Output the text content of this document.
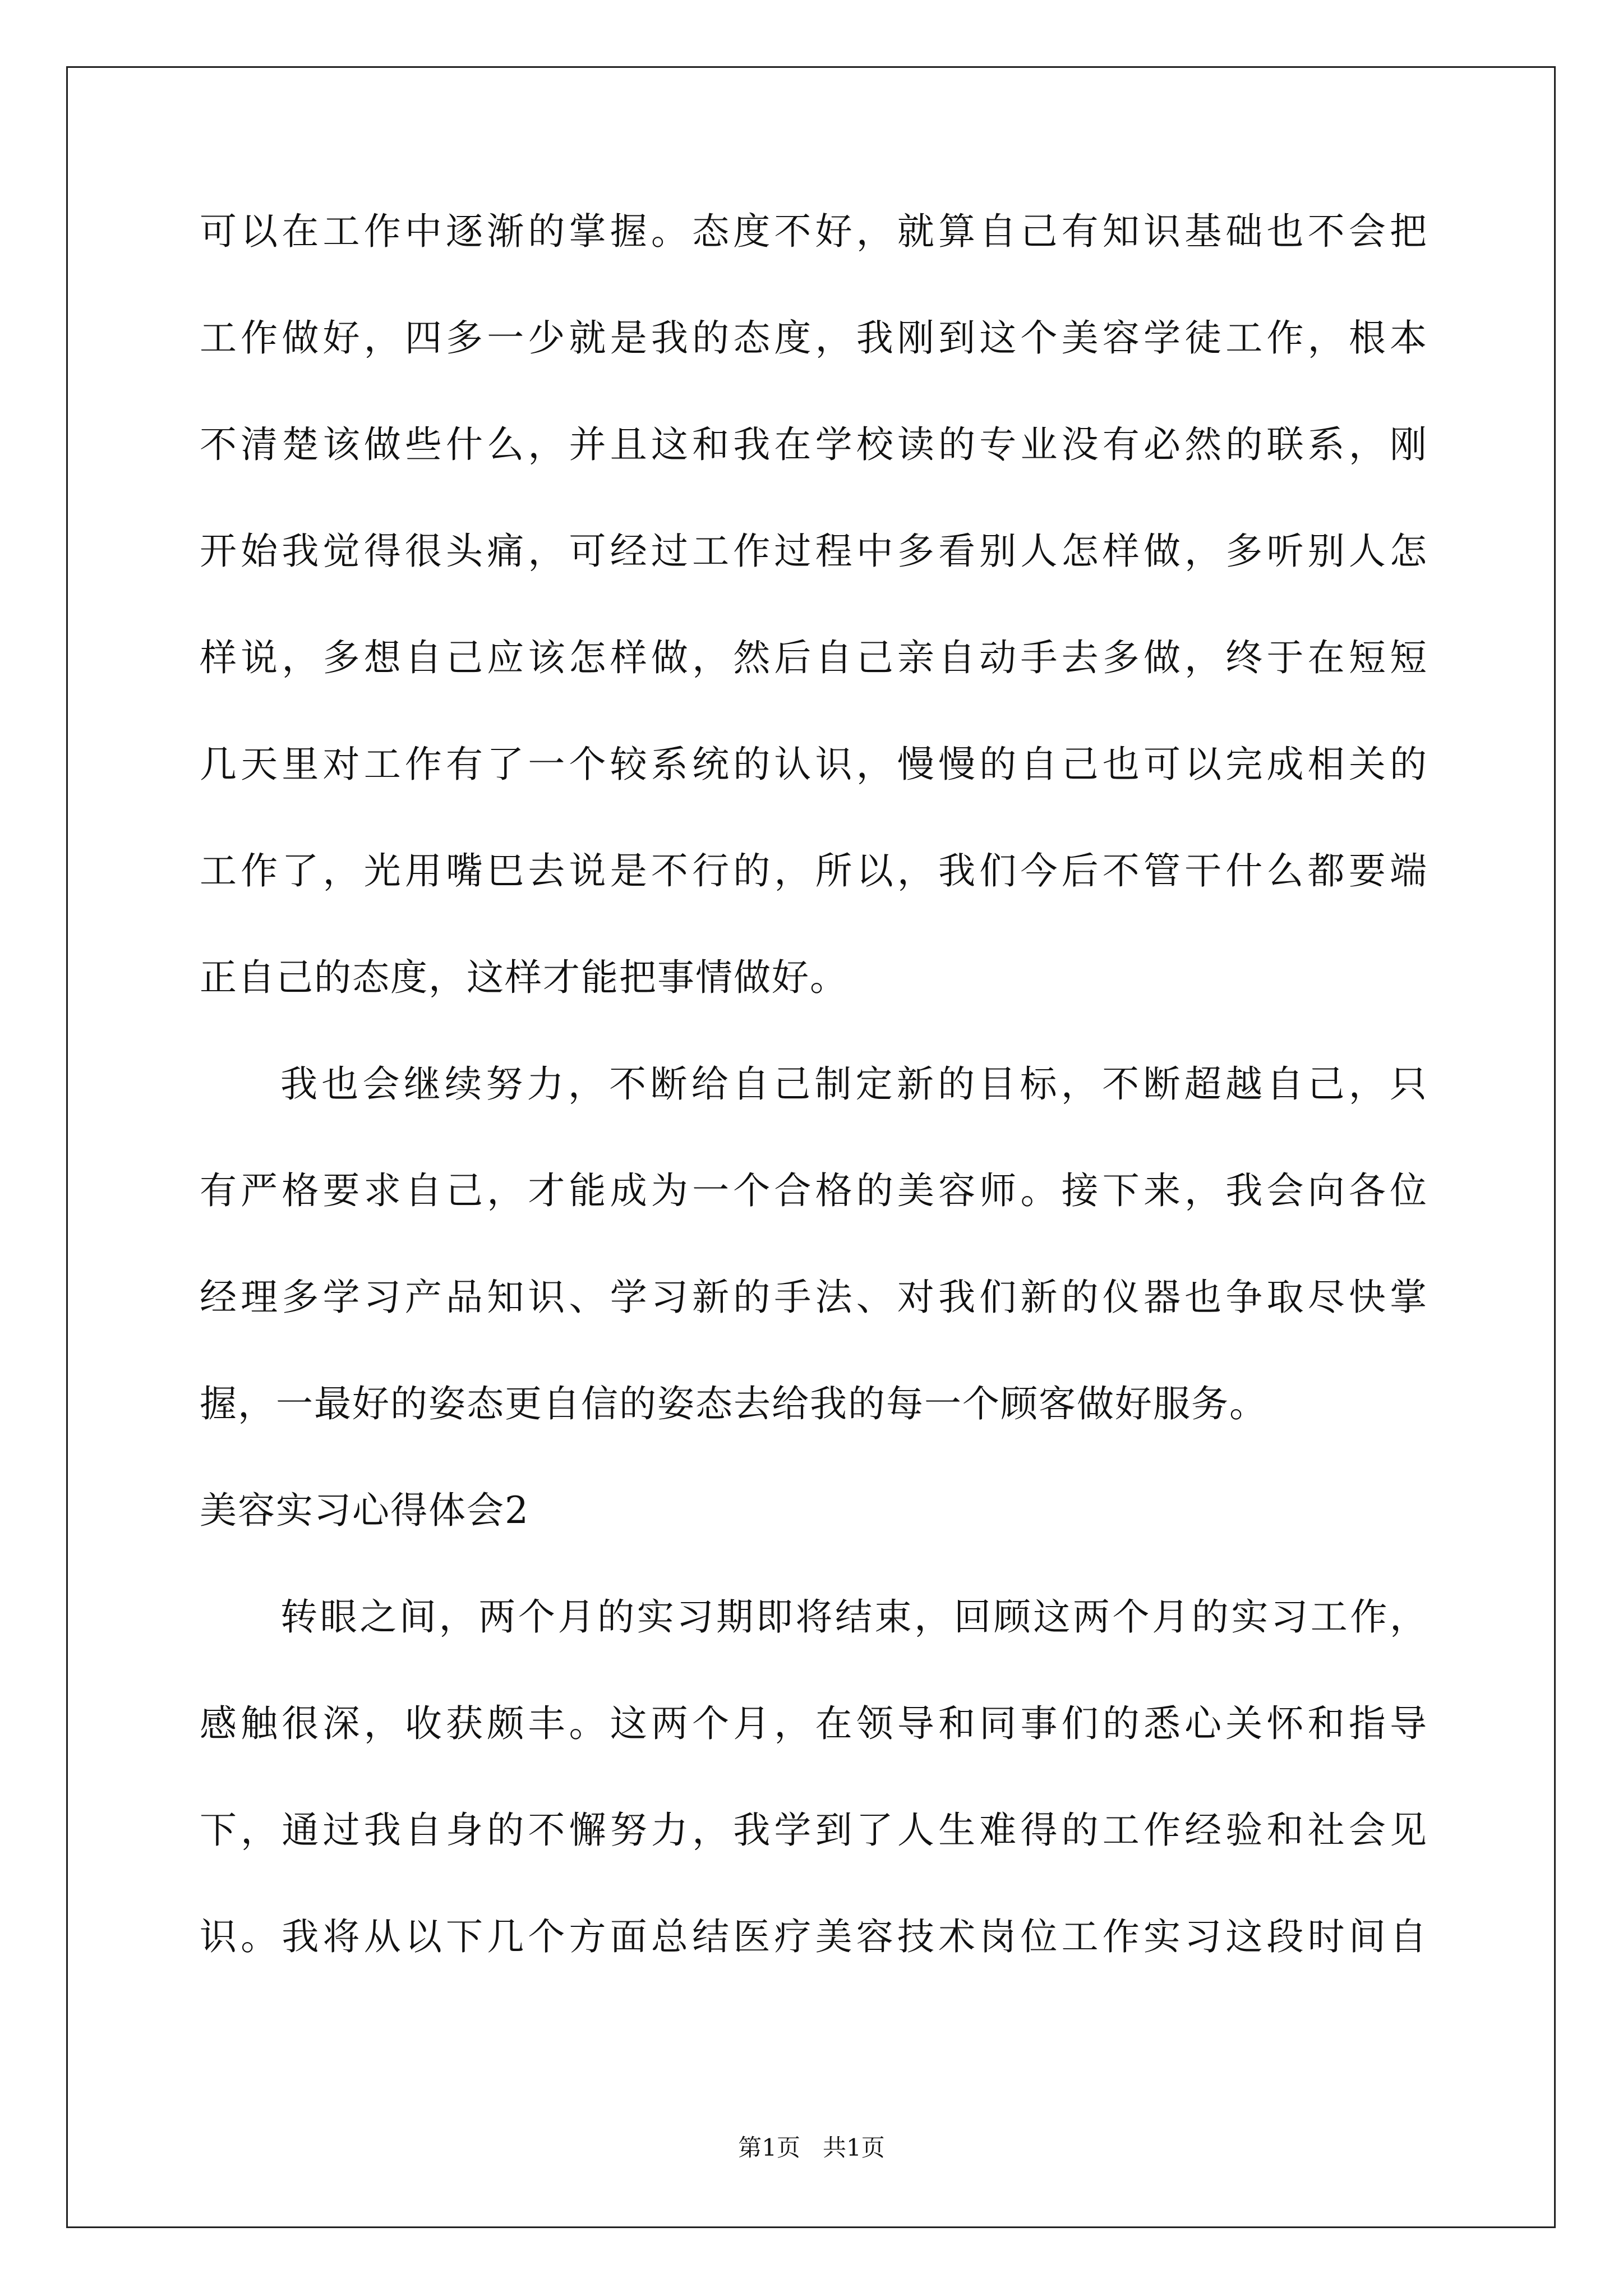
可以在工作中逐渐的掌握。态度不好，就算自己有知识基础也不会把
工作做好，四多一少就是我的态度，我刚到这个美容学徒工作，根本
不清楚该做些什么，并且这和我在学校读的专业没有必然的联系，刚
开始我觉得很头痛，可经过工作过程中多看别人怎样做，多听别人怎
样说，多想自己应该怎样做，然后自己亲自动手去多做，终于在短短
几天里对工作有了一个较系统的认识，慢慢的自己也可以完成相关的
工作了，光用嘴巴去说是不行的，所以，我们今后不管干什么都要端
正自己的态度，这样才能把事情做好。
我也会继续努力，不断给自己制定新的目标，不断超越自己，只
有严格要求自己，才能成为一个合格的美容师。接下来，我会向各位
经理多学习产品知识、学习新的手法、对我们新的仪器也争取尽快掌
握，一最好的姿态更自信的姿态去给我的每一个顾客做好服务。
美容实习心得体会2
转眼之间，两个月的实习期即将结束，回顾这两个月的实习工作，
感触很深，收获颇丰。这两个月，在领导和同事们的悉心关怀和指导
下，通过我自身的不懈努力，我学到了人生难得的工作经验和社会见
识。我将从以下几个方面总结医疗美容技术岗位工作实习这段时间自
第1页   共1页
